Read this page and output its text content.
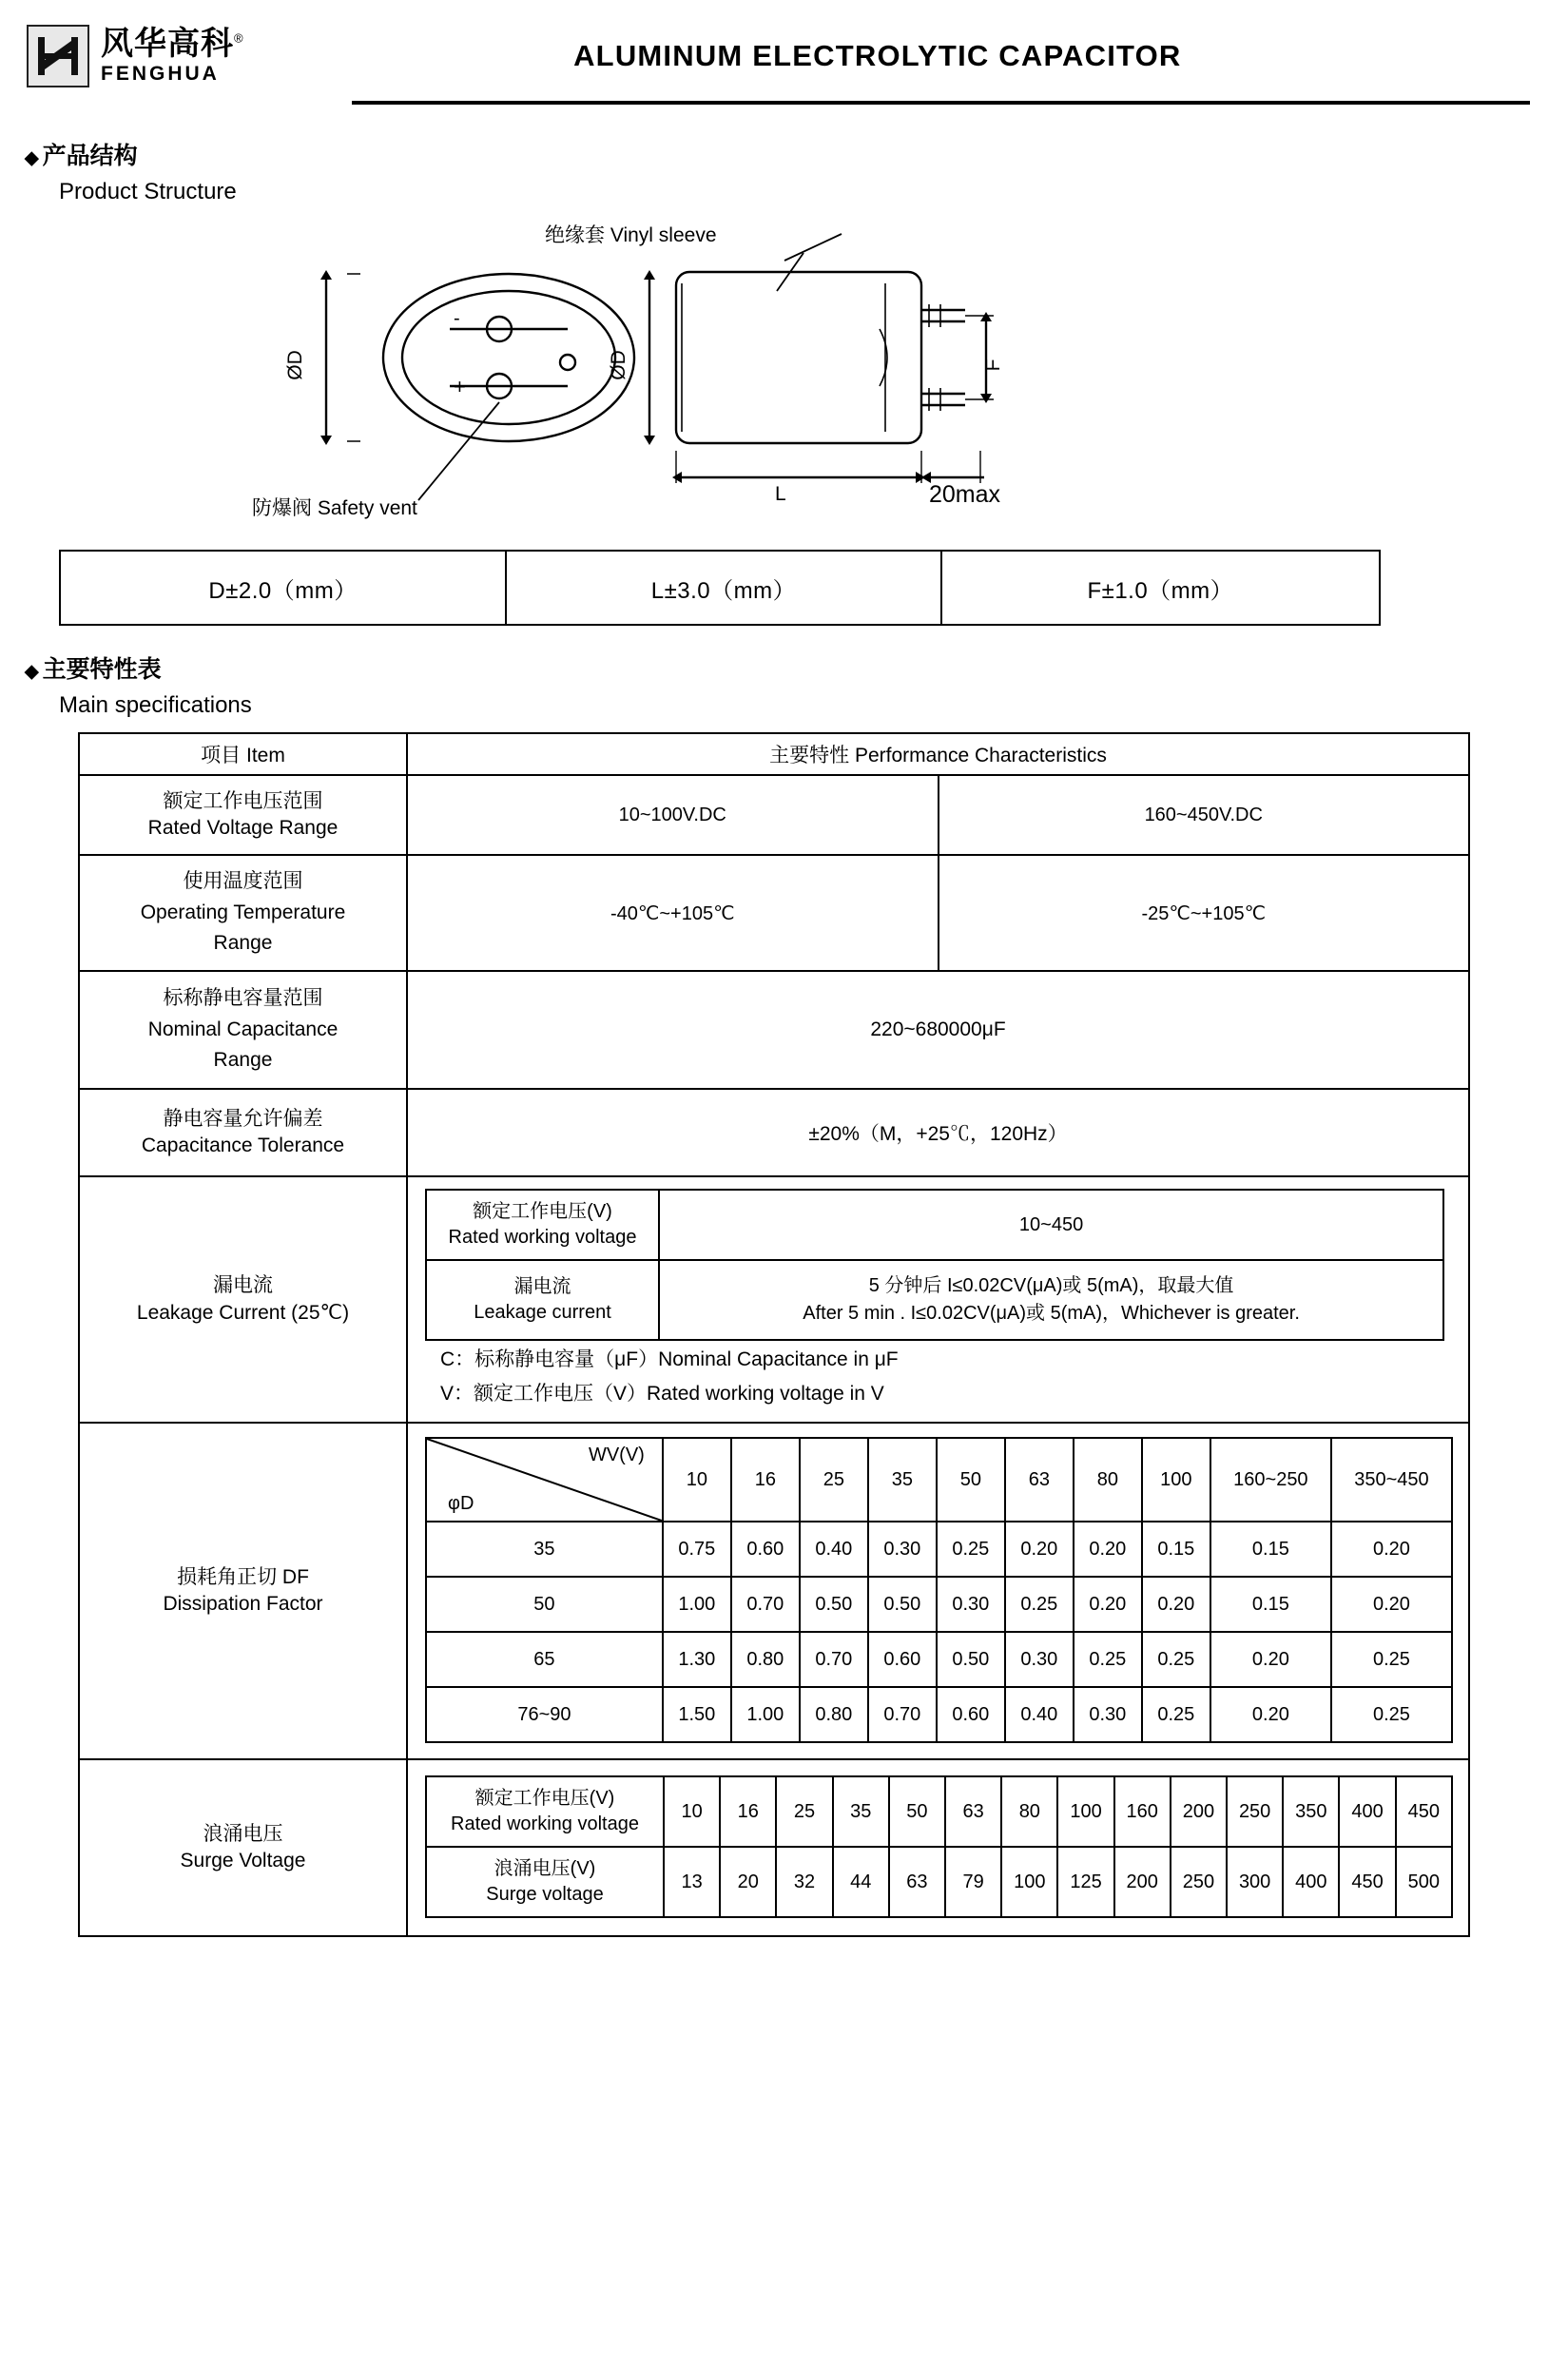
风华高科®
FENGHUA
ALUMINUM ELECTROLYTIC CAPACITOR
◆ 产品结构
Product Structure
绝缘套 Vinyl sleeve
防爆阀 Safety vent
L	20max
ØD	ØD	F
-
+
D±2.0（mm）	L±3.0（mm）	F±1.0（mm）
◆ 主要特性表
Main specifications
项目 Item	主要特性 Performance Characteristics

额定工作电压范围
Rated Voltage Range

10~100V.DC	160~450V.DC

使用温度范围
Operating Temperature
Range

-40℃~+105℃	-25℃~+105℃

标称静电容量范围
Nominal Capacitance
Range
	220~680000μF

静电容量允许偏差
Capacitance Tolerance
	±20%（M，+25℃，120Hz）

漏电流
Leakage Current (25℃)

额定工作电压(V)
Rated working voltage
	10~450

漏电流
Leakage current

5 分钟后 I≤0.02CV(μA)或 5(mA)，取最大值
After 5 min . I≤0.02CV(μA)或 5(mA)，Whichever is greater.
C：标称静电容量（μF）Nominal Capacitance in μF
V：额定工作电压（V）Rated working voltage in V

损耗角正切 DF
Dissipation Factor

WV(V)
φD
	10	16	25	35	50	63	80	100	160~250	350~450
35	0.75	0.60	0.40	0.30	0.25	0.20	0.20	0.15	0.15	0.20
50	1.00	0.70	0.50	0.50	0.30	0.25	0.20	0.20	0.15	0.20
65	1.30	0.80	0.70	0.60	0.50	0.30	0.25	0.25	0.20	0.25
76~90	1.50	1.00	0.80	0.70	0.60	0.40	0.30	0.25	0.20	0.25

浪涌电压
Surge Voltage

额定工作电压(V)
Rated working voltage
	10	16	25	35	50	63	80	100	160	200	250	350	400	450

浪涌电压(V)
Surge voltage
	13	20	32	44	63	79	100	125	200	250	300	400	450	500
